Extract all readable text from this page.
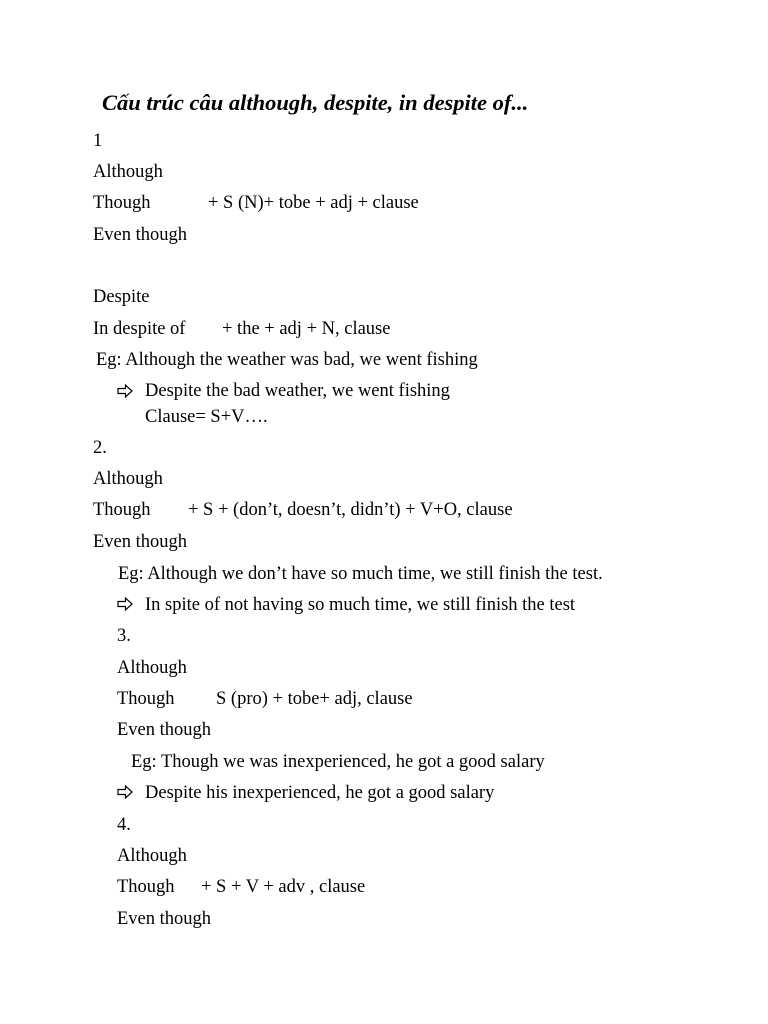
Cấu trúc câu although, despite, in despite of...
1
Although
Though	+ S (N)+ tobe + adj + clause
Even though
Despite
In despite of + the + adj + N, clause
Eg: Although the weather was bad, we went fishing
Despite the bad weather, we went fishing
Clause= S+V….
2.
Although
Though + S + (don’t, doesn’t, didn’t) + V+O, clause
Even though
Eg: Although we don’t have so much time, we still finish the test.
In spite of not having so much time, we still finish the test
3.
Although
Though S (pro) + tobe+ adj, clause
Even though
Eg: Though we was inexperienced, he got a good salary
Despite his inexperienced, he got a good salary
4.
Although
Though + S + V + adv , clause
Even though
